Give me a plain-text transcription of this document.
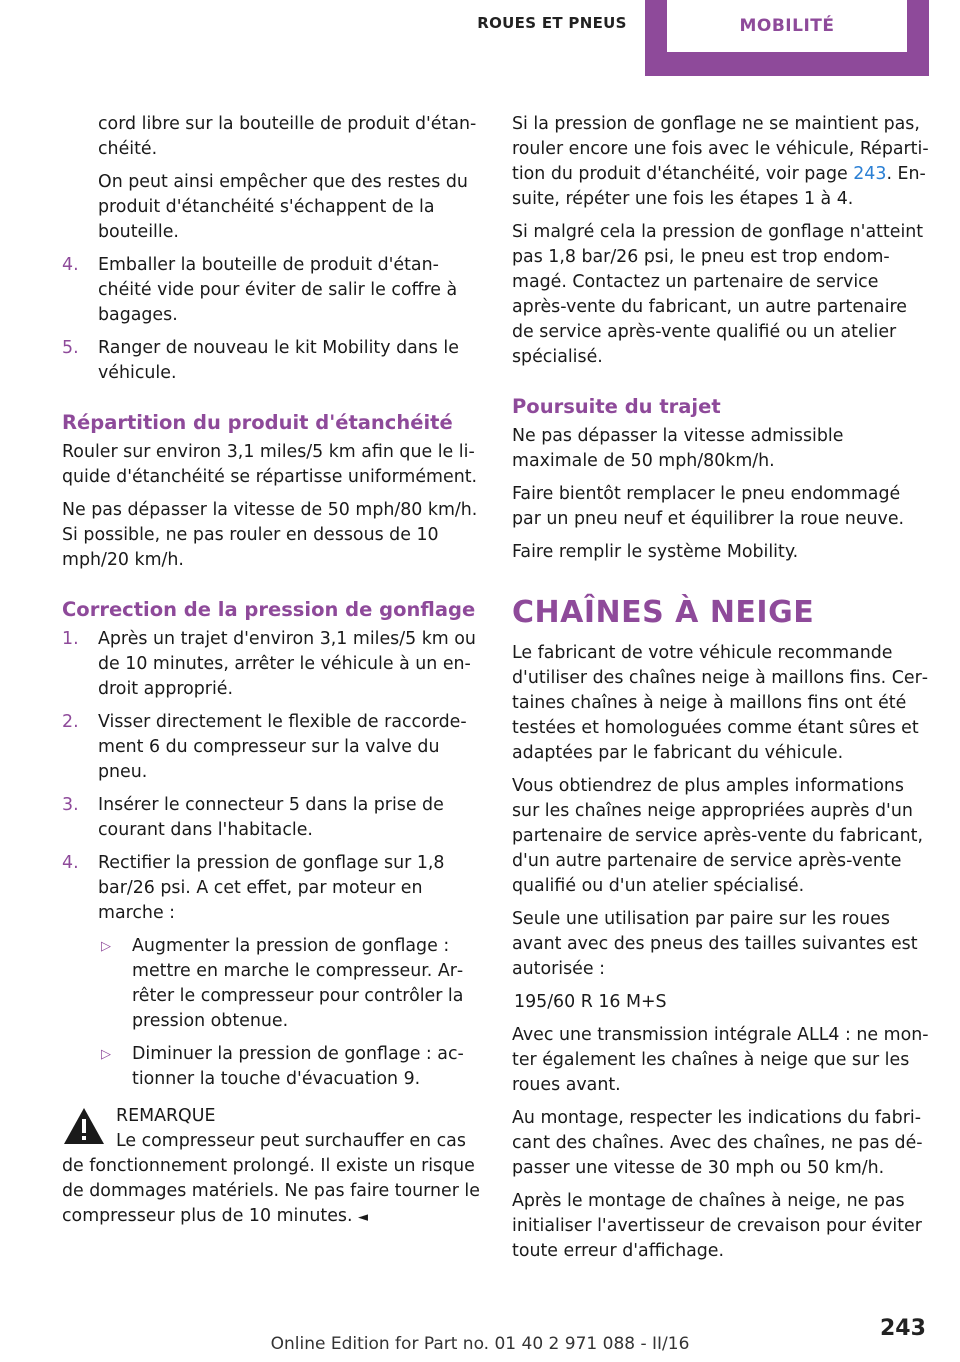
ROUES ET PNEUS	MOBILITÉ

cord libre sur la bouteille de produit d'étan‐ chéité.

On peut ainsi empêcher que des restes du produit d'étanchéité s'échappent de la bouteille.

4. Emballer la bouteille de produit d'étan‐ chéité vide pour éviter de salir le coffre à bagages.
5. Ranger de nouveau le kit Mobility dans le véhicule.
Répartition du produit d'étanchéité

Rouler sur environ 3,1 miles/5 km afin que le li‐ quide d'étanchéité se répartisse uniformément.

Ne pas dépasser la vitesse de 50 mph/80 km/h. Si possible, ne pas rouler en dessous de 10 mph/20 km/h.

Correction de la pression de gonflage
1. Après un trajet d'environ 3,1 miles/5 km ou de 10 minutes, arrêter le véhicule à un en‐ droit approprié.
2. Visser directement le flexible de raccorde‐ ment 6 du compresseur sur la valve du pneu.
3. Insérer le connecteur 5 dans la prise de courant dans l'habitacle.
4. Rectifier la pression de gonflage sur 1,8 bar/26 psi. A cet effet, par moteur en marche :
▷ Augmenter la pression de gonflage : mettre en marche le compresseur. Ar‐ rêter le compresseur pour contrôler la pression obtenue.
▷ Diminuer la pression de gonflage : ac‐ tionner la touche d'évacuation 9.
REMARQUE

Le compresseur peut surchauffer en cas
de fonctionnement prolongé. Il existe un risque de dommages matériels. Ne pas faire tourner le compresseur plus de 10 minutes. ◄

Si la pression de gonflage ne se maintient pas, rouler encore une fois avec le véhicule, Réparti‐ tion du produit d'étanchéité, voir page 243. En‐ suite, répéter une fois les étapes 1 à 4.

Si malgré cela la pression de gonflage n'atteint pas 1,8 bar/26 psi, le pneu est trop endom‐ magé. Contactez un partenaire de service après-vente du fabricant, un autre partenaire de service après-vente qualifié ou un atelier spécialisé.

Poursuite du trajet

Ne pas dépasser la vitesse admissible maximale de 50 mph/80km/h.

Faire bientôt remplacer le pneu endommagé par un pneu neuf et équilibrer la roue neuve.

Faire remplir le système Mobility.

CHAÎNES À NEIGE

Le fabricant de votre véhicule recommande d'utiliser des chaînes neige à maillons fins. Cer‐ taines chaînes à neige à maillons fins ont été testées et homologuées comme étant sûres et adaptées par le fabricant du véhicule.

Vous obtiendrez de plus amples informations sur les chaînes neige appropriées auprès d'un partenaire de service après-vente du fabricant, d'un autre partenaire de service après-vente qualifié ou d'un atelier spécialisé.

Seule une utilisation par paire sur les roues avant avec des pneus des tailles suivantes est autorisée :

195/60 R 16 M+S

Avec une transmission intégrale ALL4 : ne mon‐ ter également les chaînes à neige que sur les roues avant.

Au montage, respecter les indications du fabri‐ cant des chaînes. Avec des chaînes, ne pas dé‐ passer une vitesse de 30 mph ou 50 km/h.

Après le montage de chaînes à neige, ne pas initialiser l'avertisseur de crevaison pour éviter toute erreur d'affichage.

243
Online Edition for Part no. 01 40 2 971 088 - II/16
